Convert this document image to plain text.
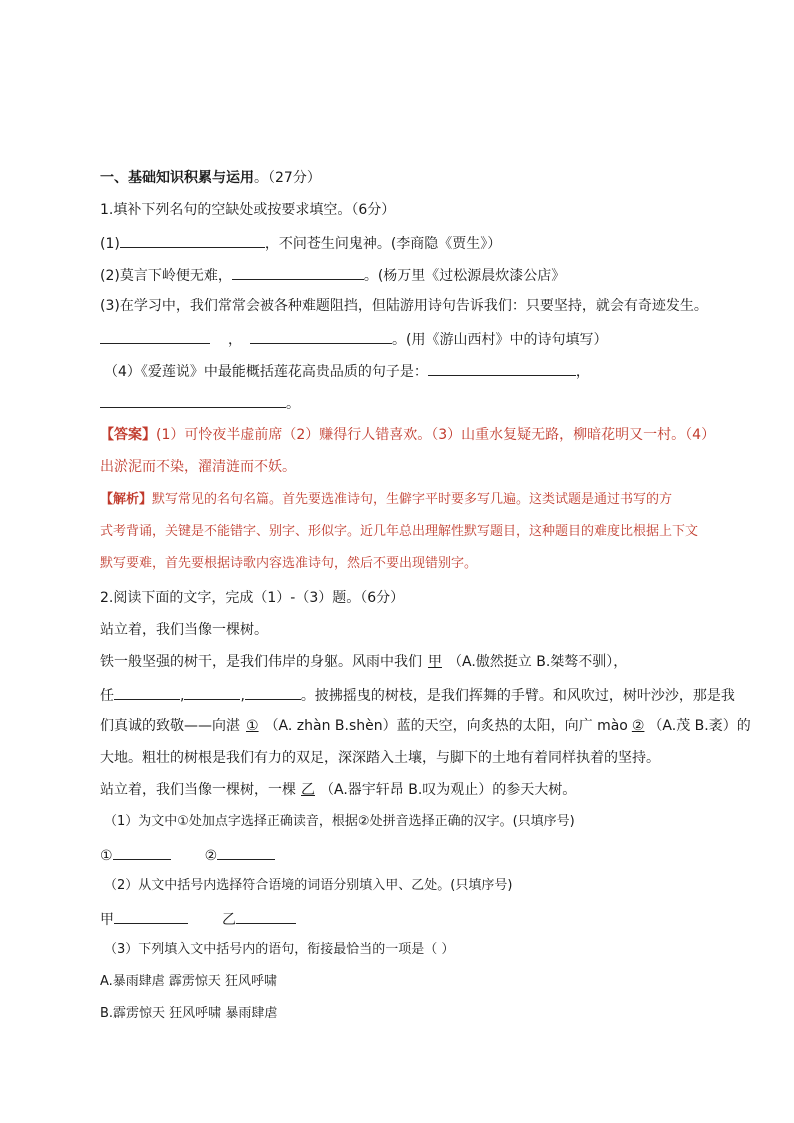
一、基础知识积累与运用。（27分）
1.填补下列名句的空缺处或按要求填空。（6分）
(1)	，不问苍生问鬼神。(李商隐《贾生》）
(2)莫言下岭便无难，	。(杨万里《过松源晨炊漆公店》
(3)在学习中，我们常常会被各种难题阻挡，但陆游用诗句告诉我们：只要坚持，就会有奇迹发生。
，	。(用《游山西村》中的诗句填写）
（4）《爱莲说》中最能概括莲花高贵品质的句子是：	，
。
【答案】(1）可怜夜半虚前席（2）赚得行人错喜欢。（3）山重水复疑无路，柳暗花明又一村。（4）
出淤泥而不染，濯清涟而不妖。
【解析】默写常见的名句名篇。首先要选准诗句，生僻字平时要多写几遍。这类试题是通过书写的方
式考背诵，关键是不能错字、别字、形似字。近几年总出理解性默写题目，这种题目的难度比根据上下文
默写要难，首先要根据诗歌内容选准诗句，然后不要出现错别字。
2.阅读下面的文字，完成（1）-（3）题。（6分）
站立着，我们当像一棵树。
铁一般坚强的树干，是我们伟岸的身躯。风雨中我们 甲 （A.傲然挺立 B.桀骜不驯），
任	,	,	。披拂摇曳的树枝，是我们挥舞的手臂。和风吹过，树叶沙沙，那是我
们真诚的致敬——向湛 ① （A. zhàn B.shèn）蓝的天空，向炙热的太阳，向广 mào ② （A.茂 B.袤）的
大地。粗壮的树根是我们有力的双足，深深踏入土壤，与脚下的土地有着同样执着的坚持。
站立着，我们当像一棵树，一棵 乙 （A.器宇轩昂 B.叹为观止）的参天大树。
（1）为文中①处加点字选择正确读音，根据②处拼音选择正确的汉字。(只填序号)
①	②
（2）从文中括号内选择符合语境的词语分别填入甲、乙处。(只填序号)
甲	乙
（3）下列填入文中括号内的语句，衔接最恰当的一项是（ ）
A.暴雨肆虐 霹雳惊天 狂风呼啸
B.霹雳惊天 狂风呼啸 暴雨肆虐
